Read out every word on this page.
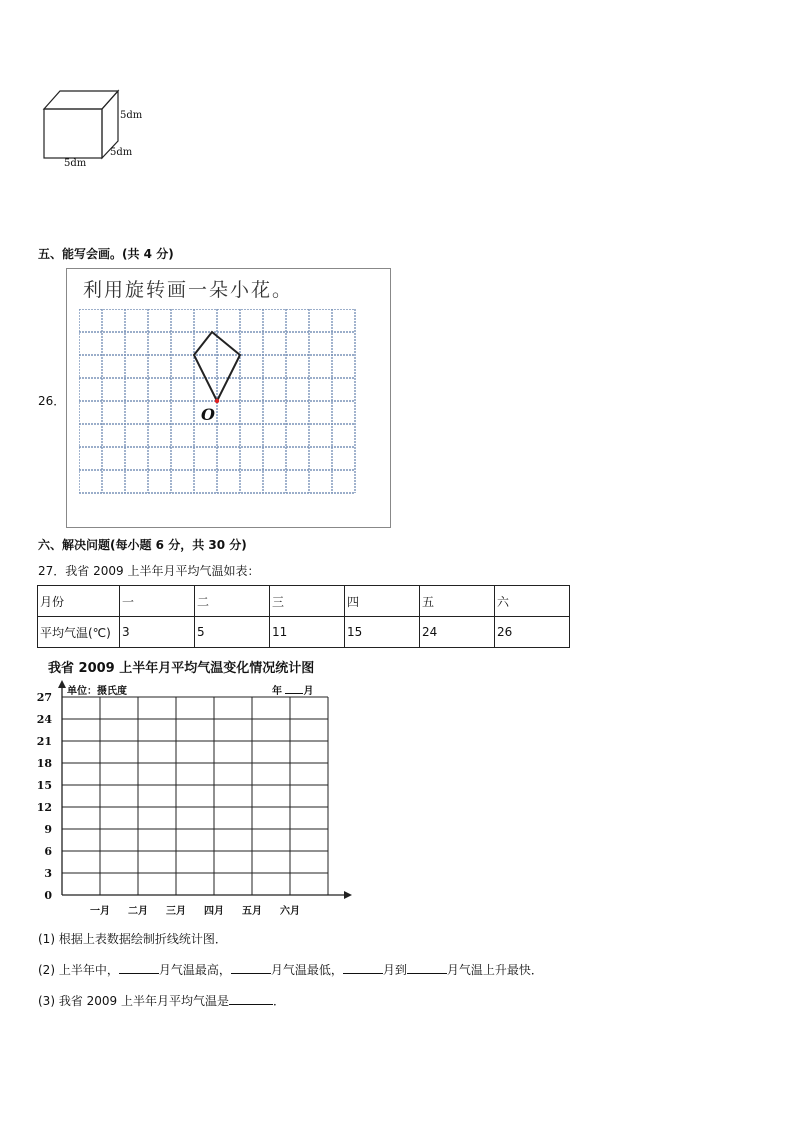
5dm
5dm
5dm
五、能写会画。(共 4 分)
26．
利用旋转画一朵小花。
O
六、解决问题(每小题 6 分，共 30 分)
27．我省 2009 上半年月平均气温如表：
月份	一	二	三	四	五	六
平均气温(℃)	3	5	11	15	24	26
我省 2009 上半年月平均气温变化情况统计图
单位：摄氏度	年 月
0
3
6
9
12
15
18
21
24
27
一月 二月 三月 四月 五月 六月
(1) 根据上表数据绘制折线统计图．
(2) 上半年中，	月气温最高，	月气温最低，	月到	月气温上升最快．
(3) 我省 2009 上半年月平均气温是	．
